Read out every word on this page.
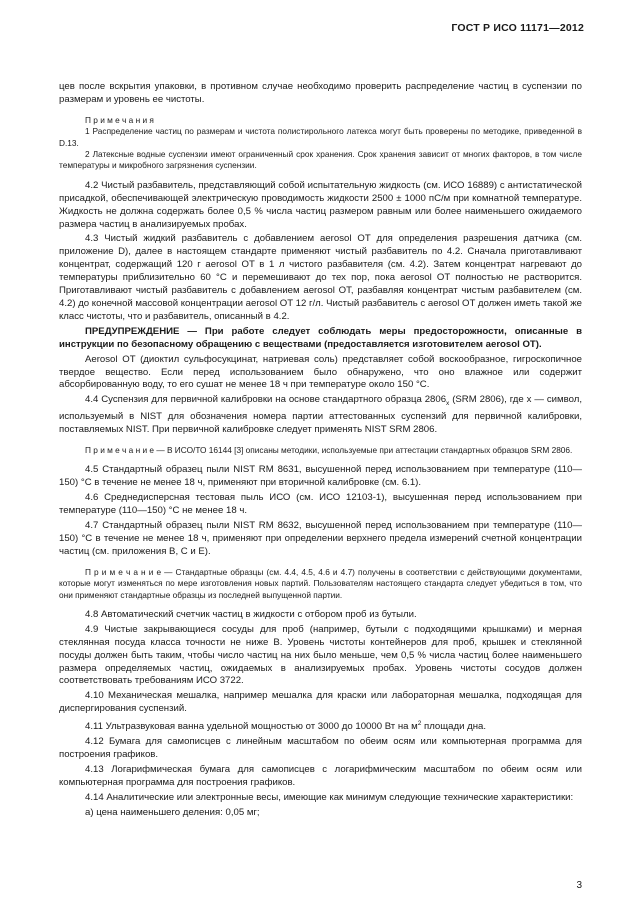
ГОСТ Р ИСО 11171—2012

цев после вскрытия упаковки, в противном случае необходимо проверить распределение частиц в суспензии по размерам и уровень ее чистоты.

П р и м е ч а н и я

1 Распределение частиц по размерам и чистота полистирольного латекса могут быть проверены по методике, приведенной в D.13.

2 Латексные водные суспензии имеют ограниченный срок хранения. Срок хранения зависит от многих факторов, в том числе температуры и микробного загрязнения суспензии.

4.2 Чистый разбавитель, представляющий собой испытательную жидкость (см. ИСО 16889) с антистатической присадкой, обеспечивающей электрическую проводимость жидкости 2500 ± 1000 пС/м при комнатной температуре. Жидкость не должна содержать более 0,5 % числа частиц размером равным или более наименьшего ожидаемого размера частиц в анализируемых пробах.

4.3 Чистый жидкий разбавитель с добавлением aerosol OT для определения разрешения датчика (см. приложение D), далее в настоящем стандарте применяют чистый разбавитель по 4.2. Сначала приготавливают концентрат, содержащий 120 г aerosol OT в 1 л чистого разбавителя (см. 4.2). Затем концентрат нагревают до температуры приблизительно 60 °С и перемешивают до тех пор, пока aerosol OT полностью не растворится. Приготавливают чистый разбавитель с добавлением aerosol OT, разбавляя концентрат чистым разбавителем (см. 4.2) до конечной массовой концентрации aerosol OT 12 г/л. Чистый разбавитель с aerosol OT должен иметь такой же класс чистоты, что и разбавитель, описанный в 4.2.

ПРЕДУПРЕЖДЕНИЕ — При работе следует соблюдать меры предосторожности, описанные в инструкции по безопасному обращению с веществами (предоставляется изготовителем aerosol OT).

Aerosol OT (диоктил сульфосукцинат, натриевая соль) представляет собой воскообразное, гигроскопичное твердое вещество. Если перед использованием было обнаружено, что оно влажное или содержит абсорбированную воду, то его сушат не менее 18 ч при температуре около 150 °С.

4.4 Суспензия для первичной калибровки на основе стандартного образца $2806_x$ (SRM 2806), где x — символ, используемый в NIST для обозначения номера партии аттестованных суспензий для первичной калибровки, поставляемых NIST. При первичной калибровке следует применять NIST SRM 2806.

П р и м е ч а н и е — В ИСО/ТО 16144 [3] описаны методики, используемые при аттестации стандартных образцов SRM 2806.

4.5 Стандартный образец пыли NIST RM 8631, высушенной перед использованием при температуре (110—150) °С в течение не менее 18 ч, применяют при вторичной калибровке (см. 6.1).

4.6 Среднедисперсная тестовая пыль ИСО (см. ИСО 12103-1), высушенная перед использованием при температуре (110—150) °С не менее 18 ч.

4.7 Стандартный образец пыли NIST RM 8632, высушенной перед использованием при температуре (110—150) °С в течение не менее 18 ч, применяют при определении верхнего предела измерений счетной концентрации частиц (см. приложения В, С и Е).

П р и м е ч а н и е — Стандартные образцы (см. 4.4, 4.5, 4.6 и 4.7) получены в соответствии с действующими документами, которые могут изменяться по мере изготовления новых партий. Пользователям настоящего стандарта следует убедиться в том, что они применяют стандартные образцы из последней выпущенной партии.

4.8 Автоматический счетчик частиц в жидкости с отбором проб из бутыли.

4.9 Чистые закрывающиеся сосуды для проб (например, бутыли с подходящими крышками) и мерная стеклянная посуда класса точности не ниже В. Уровень чистоты контейнеров для проб, крышек и стеклянной посуды должен быть таким, чтобы число частиц на них было меньше, чем 0,5 % числа частиц более наименьшего размера определяемых частиц, ожидаемых в анализируемых пробах. Уровень чистоты сосудов должен соответствовать требованиям ИСО 3722.

4.10 Механическая мешалка, например мешалка для краски или лабораторная мешалка, подходящая для диспергирования суспензий.

4.11 Ультразвуковая ванна удельной мощностью от 3000 до 10000 Вт на $м^2$ площади дна.

4.12 Бумага для самописцев с линейным масштабом по обеим осям или компьютерная программа для построения графиков.

4.13 Логарифмическая бумага для самописцев с логарифмическим масштабом по обеим осям или компьютерная программа для построения графиков.

4.14 Аналитические или электронные весы, имеющие как минимум следующие технические характеристики:

а) цена наименьшего деления: 0,05 мг;

3
